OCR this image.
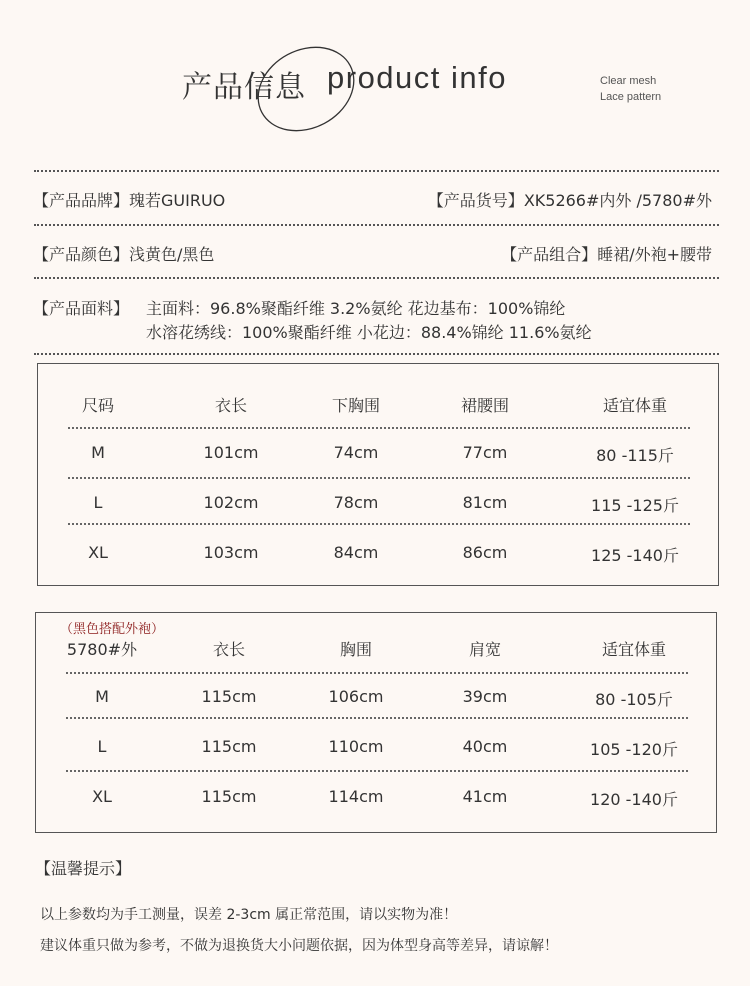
产品信息 product info	Clear mesh
Lace pattern
【产品品牌】瑰若GUIRUO	【产品货号】XK5266#内外 /5780#外
【产品颜色】浅黄色/黑色	【产品组合】睡裙/外袍+腰带
【产品面料】 主面料：96.8%聚酯纤维 3.2%氨纶 花边基布：100%锦纶
水溶花绣线：100%聚酯纤维 小花边：88.4%锦纶 11.6%氨纶
尺码	衣长	下胸围	裙腰围	适宜体重
M	101cm	74cm	77cm	80 -115斤
L	102cm	78cm	81cm	115 -125斤
XL	103cm	84cm	86cm	125 -140斤
（黑色搭配外袍）
5780#外	衣长	胸围	肩宽	适宜体重
M	115cm	106cm	39cm	80 -105斤
L	115cm	110cm	40cm	105 -120斤
XL	115cm	114cm	41cm	120 -140斤
【温馨提示】
以上参数均为手工测量，误差 2-3cm 属正常范围，请以实物为准！
建议体重只做为参考，不做为退换货大小问题依据，因为体型身高等差异，请谅解！
